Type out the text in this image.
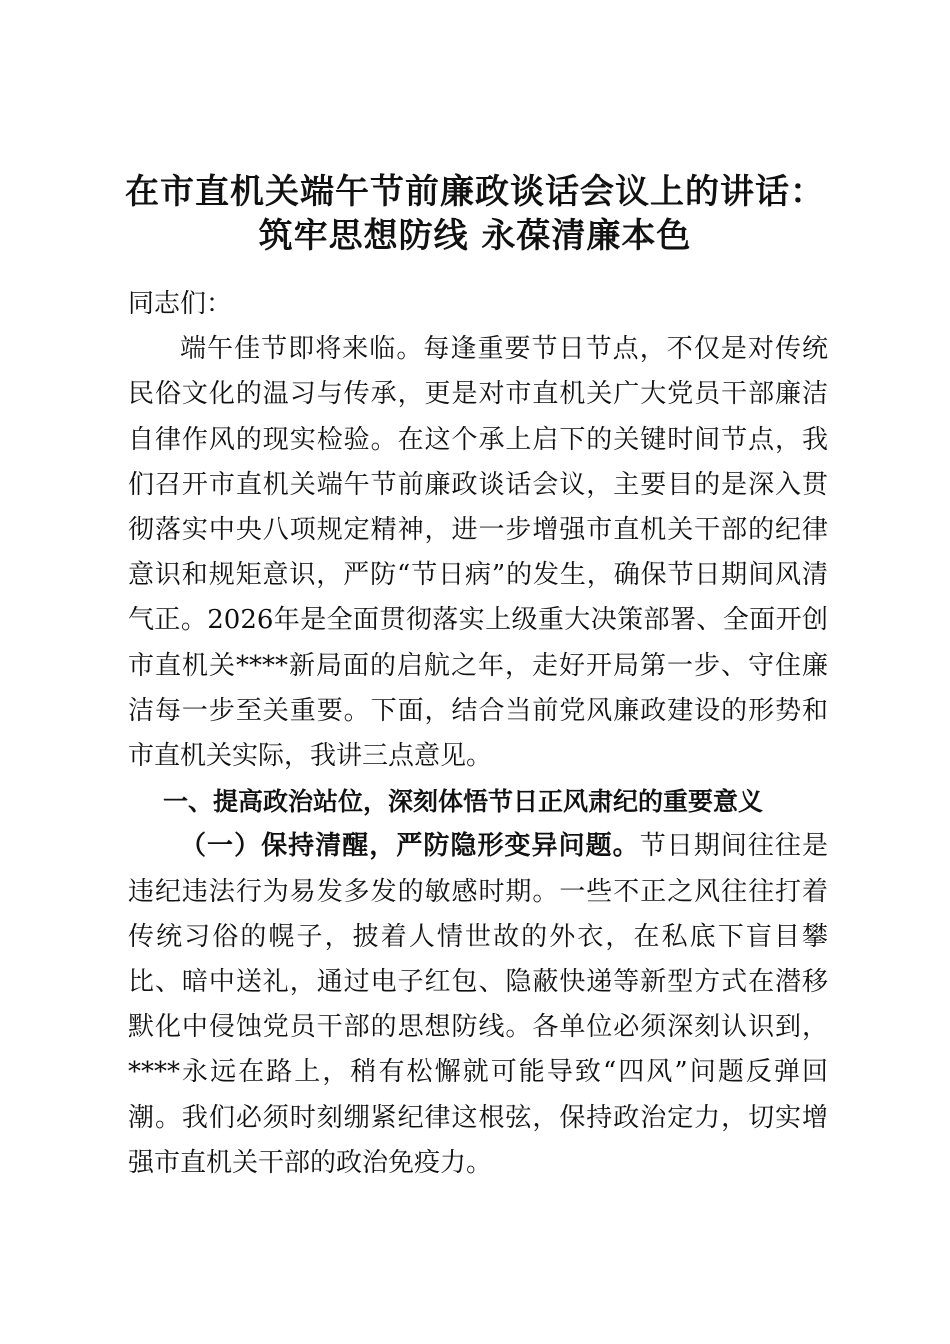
在市直机关端午节前廉政谈话会议上的讲话：
筑牢思想防线 永葆清廉本色

同志们：

端午佳节即将来临。每逢重要节日节点，不仅是对传统民俗文化的温习与传承，更是对市直机关广大党员干部廉洁自律作风的现实检验。在这个承上启下的关键时间节点，我们召开市直机关端午节前廉政谈话会议，主要目的是深入贯彻落实中央八项规定精神，进一步增强市直机关干部的纪律意识和规矩意识，严防“节日病”的发生，确保节日期间风清气正。2026年是全面贯彻落实上级重大决策部署、全面开创市直机关****新局面的启航之年，走好开局第一步、守住廉洁每一步至关重要。下面，结合当前党风廉政建设的形势和市直机关实际，我讲三点意见。

一、提高政治站位，深刻体悟节日正风肃纪的重要意义

（一）保持清醒，严防隐形变异问题。节日期间往往是违纪违法行为易发多发的敏感时期。一些不正之风往往打着传统习俗的幌子，披着人情世故的外衣，在私底下盲目攀比、暗中送礼，通过电子红包、隐蔽快递等新型方式在潜移默化中侵蚀党员干部的思想防线。各单位必须深刻认识到，****永远在路上，稍有松懈就可能导致“四风”问题反弹回潮。我们必须时刻绷紧纪律这根弦，保持政治定力，切实增强市直机关干部的政治免疫力。
